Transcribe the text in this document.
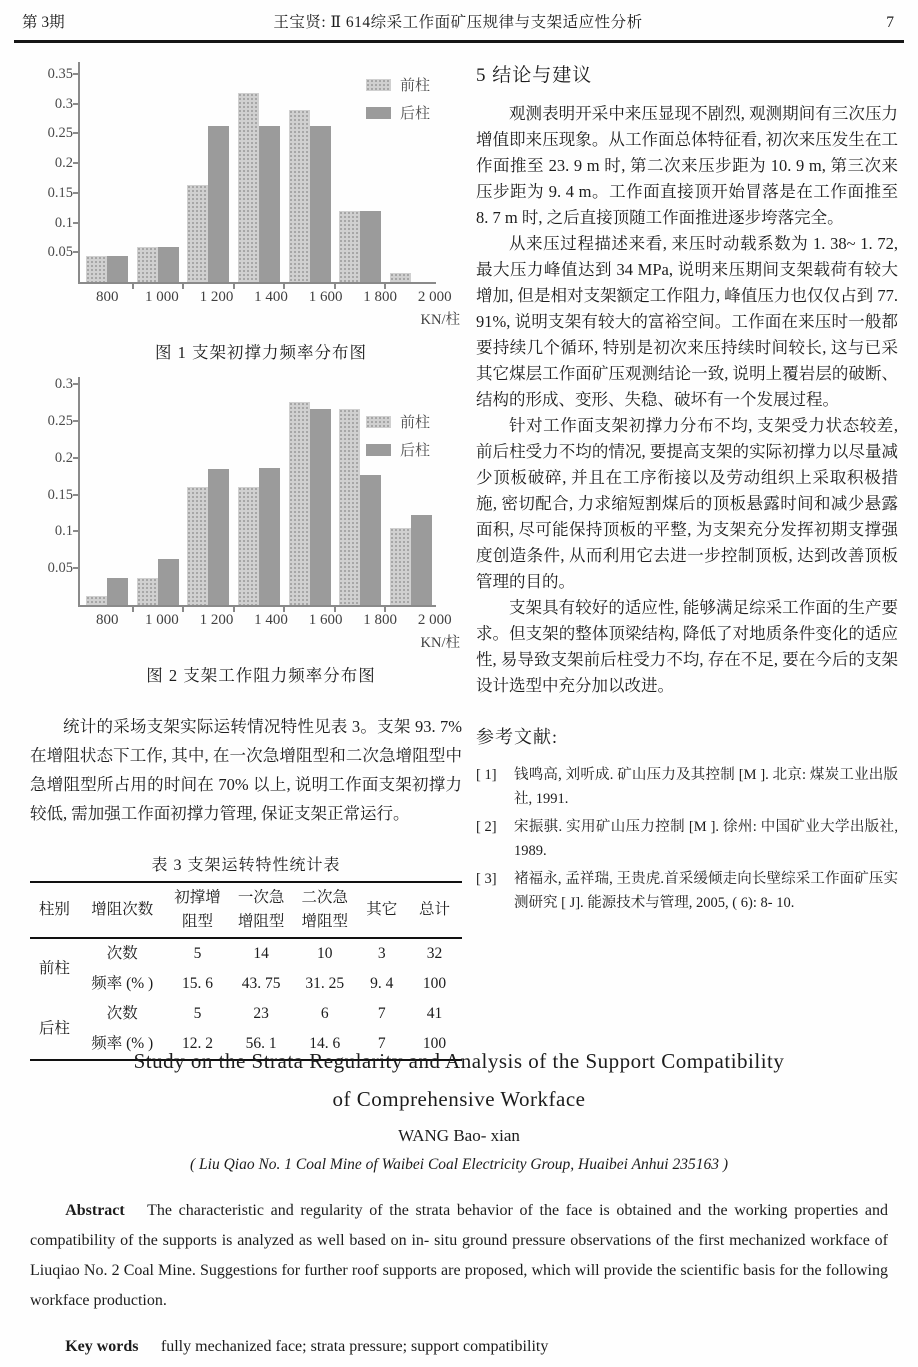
第 3期	王宝贤: Ⅱ 614综采工作面矿压规律与支架适应性分析	7
0.05
0.1
0.15
0.2
0.25
0.3
0.35
前柱
后柱
800	1 000	1 200	1 400	1 600	1 800	2 000
KN/柱
图 1 支架初撑力频率分布图
0.05
0.1
0.15
0.2
0.25
0.3
前柱
后柱
800	1 000	1 200	1 400	1 600	1 800	2 000
KN/柱
图 2 支架工作阻力频率分布图

统计的采场支架实际运转情况特性见表 3。支架 93. 7%在增阻状态下工作, 其中, 在一次急增阻型和二次急增阻型中急增阻型所占用的时间在 70% 以上, 说明工作面支架初撑力较低, 需加强工作面初撑力管理, 保证支架正常运行。

表 3 支架运转特性统计表
柱别	增阻次数	初撑增阻型	一次急增阻型	二次急增阻型	其它	总计
前柱	次数	5	14	10	3	32
	频率 (% )	15. 6	43. 75	31. 25	9. 4	100
后柱	次数	5	23	6	7	41
	频率 (% )	12. 2	56. 1	14. 6	7	100
5 结论与建议

观测表明开采中来压显现不剧烈, 观测期间有三次压力增值即来压现象。从工作面总体特征看, 初次来压发生在工作面推至 23. 9 m 时, 第二次来压步距为 10. 9 m, 第三次来压步距为 9. 4 m。工作面直接顶开始冒落是在工作面推至 8. 7 m 时, 之后直接顶随工作面推进逐步垮落完全。

从来压过程描述来看, 来压时动载系数为 1. 38~ 1. 72, 最大压力峰值达到 34 MPa, 说明来压期间支架载荷有较大增加, 但是相对支架额定工作阻力, 峰值压力也仅仅占到 77. 91%, 说明支架有较大的富裕空间。工作面在来压时一般都要持续几个循环, 特别是初次来压持续时间较长, 这与已采其它煤层工作面矿压观测结论一致, 说明上覆岩层的破断、结构的形成、变形、失稳、破坏有一个发展过程。

针对工作面支架初撑力分布不均, 支架受力状态较差, 前后柱受力不均的情况, 要提高支架的实际初撑力以尽量减少顶板破碎, 并且在工序衔接以及劳动组织上采取积极措施, 密切配合, 力求缩短割煤后的顶板悬露时间和减少悬露面积, 尽可能保持顶板的平整, 为支架充分发挥初期支撑强度创造条件, 从而利用它去进一步控制顶板, 达到改善顶板管理的目的。

支架具有较好的适应性, 能够满足综采工作面的生产要求。但支架的整体顶梁结构, 降低了对地质条件变化的适应性, 易导致支架前后柱受力不均, 存在不足, 要在今后的支架设计选型中充分加以改进。

参考文献:
[ 1]	钱鸣高, 刘听成. 矿山压力及其控制 [M ]. 北京: 煤炭工业出版社, 1991.
[ 2]	宋振骐. 实用矿山压力控制 [M ]. 徐州: 中国矿业大学出版社, 1989.
[ 3]	褚福永, 孟祥瑞, 王贵虎.首采缓倾走向长壁综采工作面矿压实测研究 [ J]. 能源技术与管理, 2005, ( 6): 8- 10.
Study on the Strata Regularity and Analysis of the Support Compatibility
of Comprehensive Workface
WANG Bao- xian
( Liu Qiao No. 1 Coal Mine of Waibei Coal Electricity Group, Huaibei Anhui 235163 )

Abstract The characteristic and regularity of the strata behavior of the face is obtained and the working properties and compatibility of the supports is analyzed as well based on in- situ ground pressure observations of the first mechanized workface of Liuqiao No. 2 Coal Mine. Suggestions for further roof supports are proposed, which will provide the scientific basis for the following workface production.

Key words fully mechanized face; strata pressure; support compatibility
